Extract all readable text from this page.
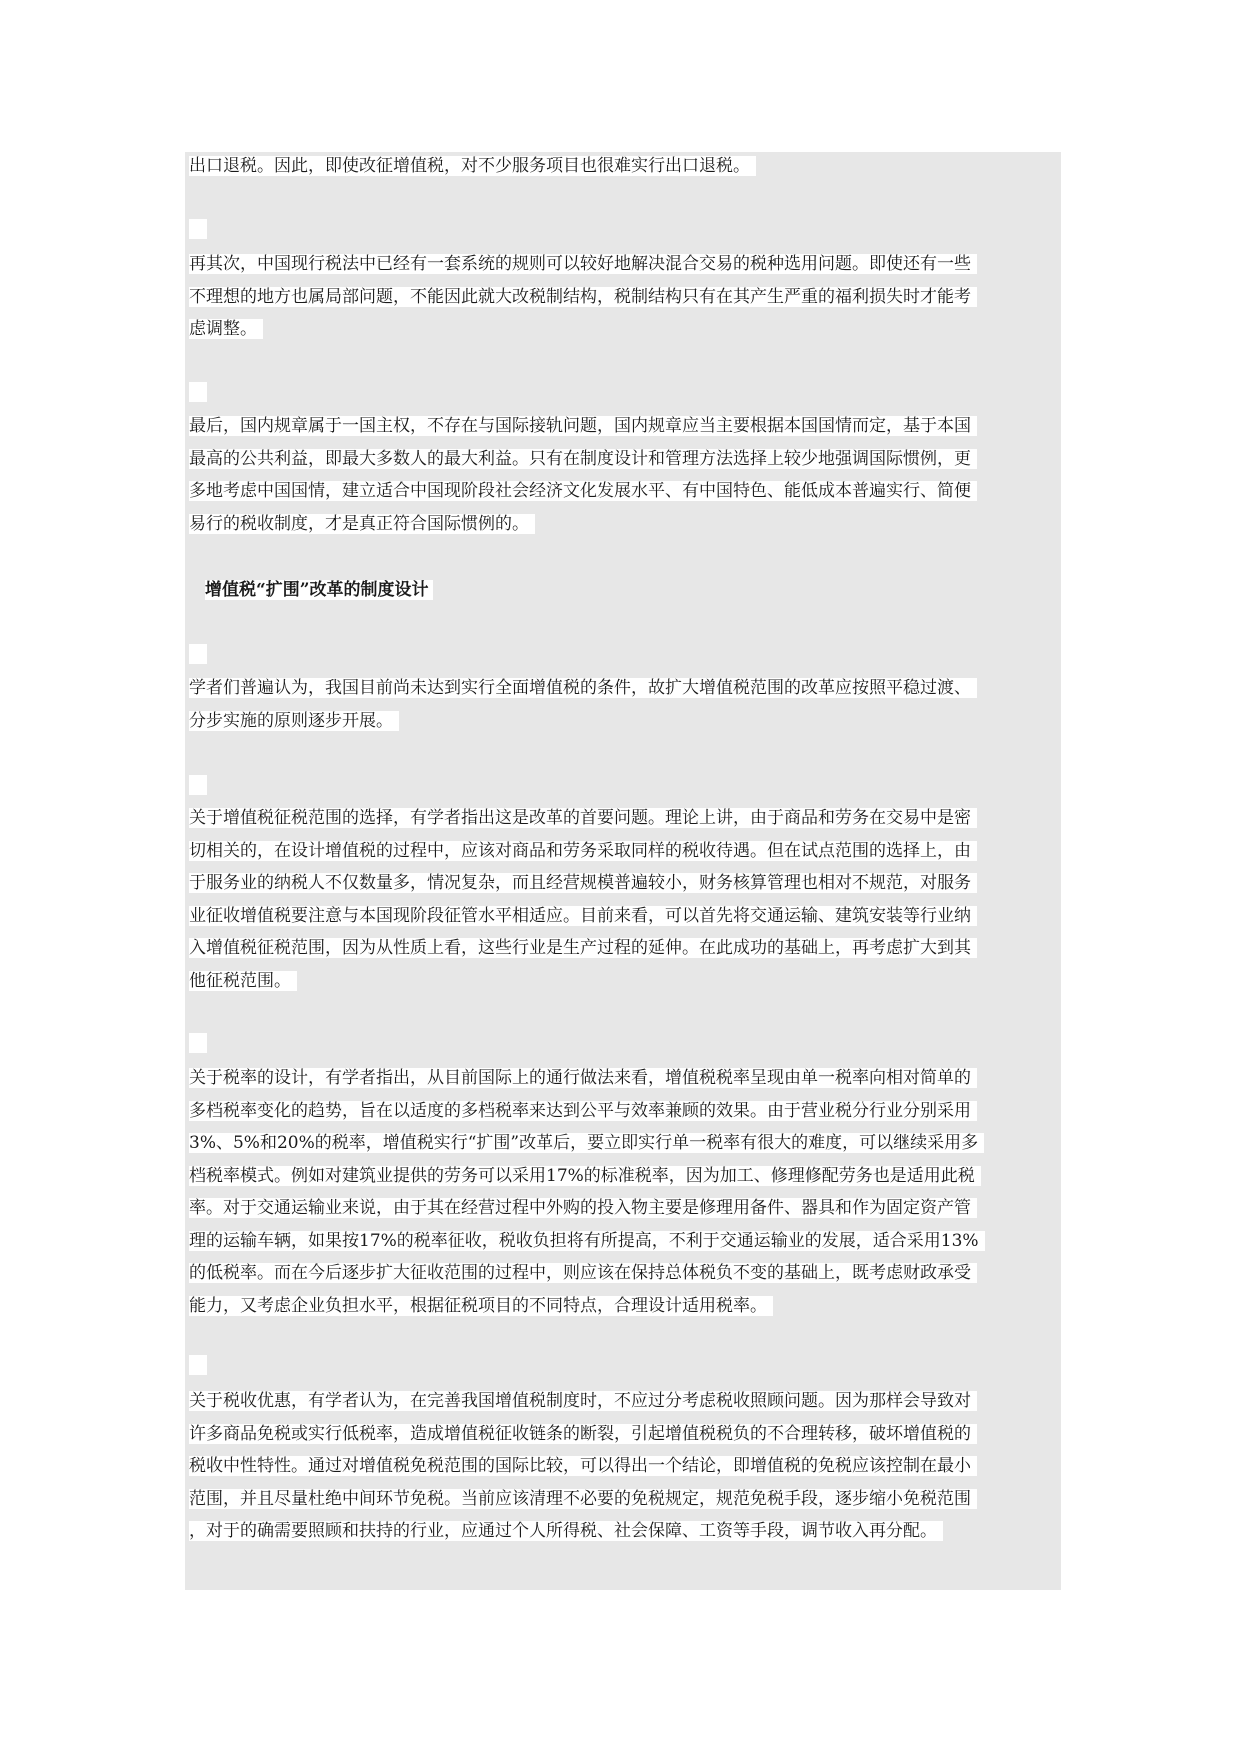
出口退税。因此，即使改征增值税，对不少服务项目也很难实行出口退税。
再其次，中国现行税法中已经有一套系统的规则可以较好地解决混合交易的税种选用问题。即使还有一些
不理想的地方也属局部问题，不能因此就大改税制结构，税制结构只有在其产生严重的福利损失时才能考
虑调整。
最后，国内规章属于一国主权，不存在与国际接轨问题，国内规章应当主要根据本国国情而定，基于本国
最高的公共利益，即最大多数人的最大利益。只有在制度设计和管理方法选择上较少地强调国际惯例，更
多地考虑中国国情，建立适合中国现阶段社会经济文化发展水平、有中国特色、能低成本普遍实行、简便
易行的税收制度，才是真正符合国际惯例的。
增值税“扩围”改革的制度设计
学者们普遍认为，我国目前尚未达到实行全面增值税的条件，故扩大增值税范围的改革应按照平稳过渡、
分步实施的原则逐步开展。
关于增值税征税范围的选择，有学者指出这是改革的首要问题。理论上讲，由于商品和劳务在交易中是密
切相关的，在设计增值税的过程中，应该对商品和劳务采取同样的税收待遇。但在试点范围的选择上，由
于服务业的纳税人不仅数量多，情况复杂，而且经营规模普遍较小，财务核算管理也相对不规范，对服务
业征收增值税要注意与本国现阶段征管水平相适应。目前来看，可以首先将交通运输、建筑安装等行业纳
入增值税征税范围，因为从性质上看，这些行业是生产过程的延伸。在此成功的基础上，再考虑扩大到其
他征税范围。
关于税率的设计，有学者指出，从目前国际上的通行做法来看，增值税税率呈现由单一税率向相对简单的
多档税率变化的趋势，旨在以适度的多档税率来达到公平与效率兼顾的效果。由于营业税分行业分别采用
3%、5%和20%的税率，增值税实行“扩围”改革后，要立即实行单一税率有很大的难度，可以继续采用多
档税率模式。例如对建筑业提供的劳务可以采用17%的标准税率，因为加工、修理修配劳务也是适用此税
率。对于交通运输业来说，由于其在经营过程中外购的投入物主要是修理用备件、器具和作为固定资产管
理的运输车辆，如果按17%的税率征收，税收负担将有所提高，不利于交通运输业的发展，适合采用13%
的低税率。而在今后逐步扩大征收范围的过程中，则应该在保持总体税负不变的基础上，既考虑财政承受
能力，又考虑企业负担水平，根据征税项目的不同特点，合理设计适用税率。
关于税收优惠，有学者认为，在完善我国增值税制度时，不应过分考虑税收照顾问题。因为那样会导致对
许多商品免税或实行低税率，造成增值税征收链条的断裂，引起增值税税负的不合理转移，破坏增值税的
税收中性特性。通过对增值税免税范围的国际比较，可以得出一个结论，即增值税的免税应该控制在最小
范围，并且尽量杜绝中间环节免税。当前应该清理不必要的免税规定，规范免税手段，逐步缩小免税范围
，对于的确需要照顾和扶持的行业，应通过个人所得税、社会保障、工资等手段，调节收入再分配。
